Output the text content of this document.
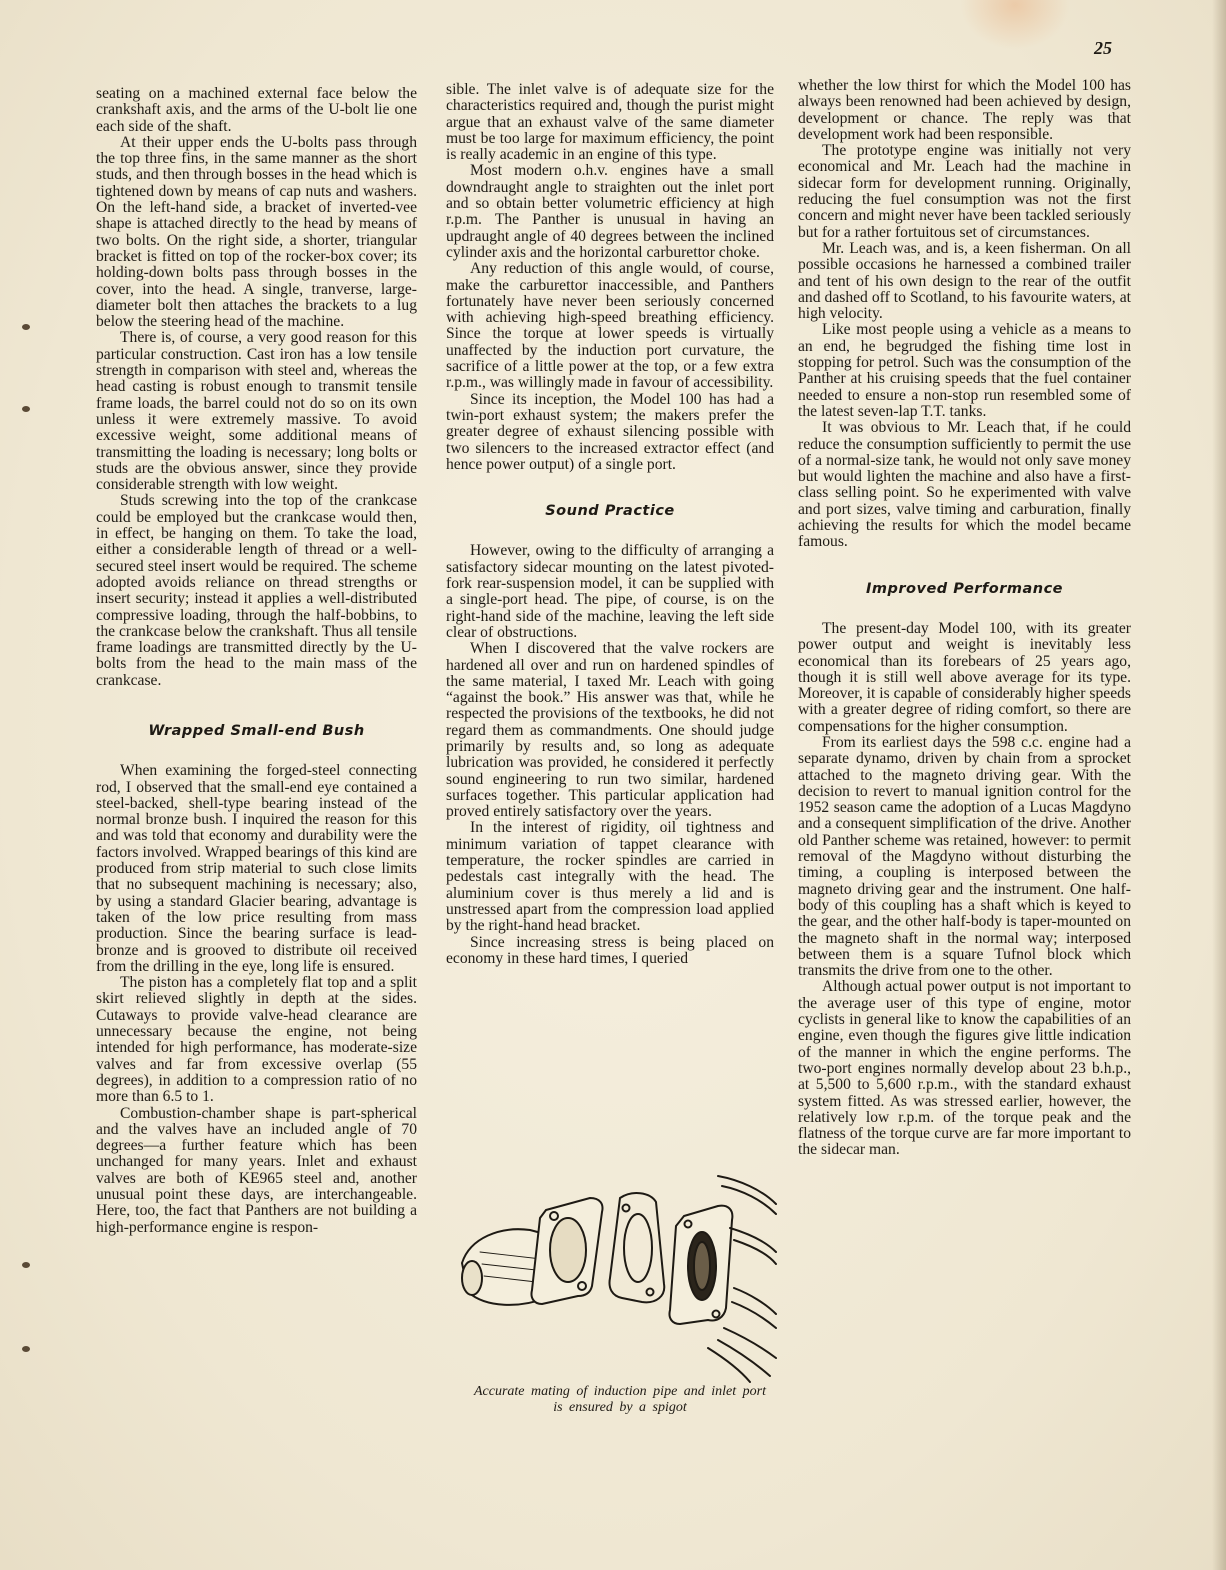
25

seating on a machined external face below the crankshaft axis, and the arms of the U-bolt lie one each side of the shaft.

At their upper ends the U-bolts pass through the top three fins, in the same manner as the short studs, and then through bosses in the head which is tightened down by means of cap nuts and washers. On the left-hand side, a bracket of inverted-vee shape is attached directly to the head by means of two bolts. On the right side, a shorter, triangular bracket is fitted on top of the rocker-box cover; its holding-down bolts pass through bosses in the cover, into the head. A single, tranverse, large-diameter bolt then attaches the brackets to a lug below the steering head of the machine.

There is, of course, a very good reason for this particular construction. Cast iron has a low tensile strength in comparison with steel and, whereas the head casting is robust enough to transmit tensile frame loads, the barrel could not do so on its own unless it were extremely massive. To avoid excessive weight, some additional means of transmitting the loading is necessary; long bolts or studs are the obvious answer, since they provide considerable strength with low weight.

Studs screwing into the top of the crankcase could be employed but the crankcase would then, in effect, be hanging on them. To take the load, either a considerable length of thread or a well-secured steel insert would be required. The scheme adopted avoids reliance on thread strengths or insert security; instead it applies a well-distributed compressive loading, through the half-bobbins, to the crankcase below the crankshaft. Thus all tensile frame loadings are transmitted directly by the U-bolts from the head to the main mass of the crankcase.

Wrapped Small-end Bush

When examining the forged-steel connecting rod, I observed that the small-end eye contained a steel-backed, shell-type bearing instead of the normal bronze bush. I inquired the reason for this and was told that economy and durability were the factors involved. Wrapped bearings of this kind are produced from strip material to such close limits that no subsequent machining is necessary; also, by using a standard Glacier bearing, advantage is taken of the low price resulting from mass production. Since the bearing surface is lead-bronze and is grooved to distribute oil received from the drilling in the eye, long life is ensured.

The piston has a completely flat top and a split skirt relieved slightly in depth at the sides. Cutaways to provide valve-head clearance are unnecessary because the engine, not being intended for high performance, has moderate-size valves and far from excessive overlap (55 degrees), in addition to a compression ratio of no more than 6.5 to 1.

Combustion-chamber shape is part-spherical and the valves have an included angle of 70 degrees—a further feature which has been unchanged for many years. Inlet and exhaust valves are both of KE965 steel and, another unusual point these days, are interchangeable. Here, too, the fact that Panthers are not building a high-performance engine is respon-

sible. The inlet valve is of adequate size for the characteristics required and, though the purist might argue that an exhaust valve of the same diameter must be too large for maximum efficiency, the point is really academic in an engine of this type.

Most modern o.h.v. engines have a small downdraught angle to straighten out the inlet port and so obtain better volumetric efficiency at high r.p.m. The Panther is unusual in having an updraught angle of 40 degrees between the inclined cylinder axis and the horizontal carburettor choke.

Any reduction of this angle would, of course, make the carburettor inaccessible, and Panthers fortunately have never been seriously concerned with achieving high-speed breathing efficiency. Since the torque at lower speeds is virtually unaffected by the induction port curvature, the sacrifice of a little power at the top, or a few extra r.p.m., was willingly made in favour of accessibility.

Since its inception, the Model 100 has had a twin-port exhaust system; the makers prefer the greater degree of exhaust silencing possible with two silencers to the increased extractor effect (and hence power output) of a single port.

Sound Practice

However, owing to the difficulty of arranging a satisfactory sidecar mounting on the latest pivoted-fork rear-suspension model, it can be supplied with a single-port head. The pipe, of course, is on the right-hand side of the machine, leaving the left side clear of obstructions.

When I discovered that the valve rockers are hardened all over and run on hardened spindles of the same material, I taxed Mr. Leach with going “against the book.” His answer was that, while he respected the provisions of the textbooks, he did not regard them as commandments. One should judge primarily by results and, so long as adequate lubrication was provided, he considered it perfectly sound engineering to run two similar, hardened surfaces together. This particular application had proved entirely satisfactory over the years.

In the interest of rigidity, oil tightness and minimum variation of tappet clearance with temperature, the rocker spindles are carried in pedestals cast integrally with the head. The aluminium cover is thus merely a lid and is unstressed apart from the compression load applied by the right-hand head bracket.

Since increasing stress is being placed on economy in these hard times, I queried

Accurate mating of induction pipe and inlet port is ensured by a spigot

whether the low thirst for which the Model 100 has always been renowned had been achieved by design, development or chance. The reply was that development work had been responsible.

The prototype engine was initially not very economical and Mr. Leach had the machine in sidecar form for development running. Originally, reducing the fuel consumption was not the first concern and might never have been tackled seriously but for a rather fortuitous set of circumstances.

Mr. Leach was, and is, a keen fisherman. On all possible occasions he harnessed a combined trailer and tent of his own design to the rear of the outfit and dashed off to Scotland, to his favourite waters, at high velocity.

Like most people using a vehicle as a means to an end, he begrudged the fishing time lost in stopping for petrol. Such was the consumption of the Panther at his cruising speeds that the fuel container needed to ensure a non-stop run resembled some of the latest seven-lap T.T. tanks.

It was obvious to Mr. Leach that, if he could reduce the consumption sufficiently to permit the use of a normal-size tank, he would not only save money but would lighten the machine and also have a first-class selling point. So he experimented with valve and port sizes, valve timing and carburation, finally achieving the results for which the model became famous.

Improved Performance

The present-day Model 100, with its greater power output and weight is inevitably less economical than its forebears of 25 years ago, though it is still well above average for its type. Moreover, it is capable of considerably higher speeds with a greater degree of riding comfort, so there are compensations for the higher consumption.

From its earliest days the 598 c.c. engine had a separate dynamo, driven by chain from a sprocket attached to the magneto driving gear. With the decision to revert to manual ignition control for the 1952 season came the adoption of a Lucas Magdyno and a consequent simplification of the drive. Another old Panther scheme was retained, however: to permit removal of the Magdyno without disturbing the timing, a coupling is interposed between the magneto driving gear and the instrument. One half-body of this coupling has a shaft which is keyed to the gear, and the other half-body is taper-mounted on the magneto shaft in the normal way; interposed between them is a square Tufnol block which transmits the drive from one to the other.

Although actual power output is not important to the average user of this type of engine, motor cyclists in general like to know the capabilities of an engine, even though the figures give little indication of the manner in which the engine performs. The two-port engines normally develop about 23 b.h.p., at 5,500 to 5,600 r.p.m., with the standard exhaust system fitted. As was stressed earlier, however, the relatively low r.p.m. of the torque peak and the flatness of the torque curve are far more important to the sidecar man.
